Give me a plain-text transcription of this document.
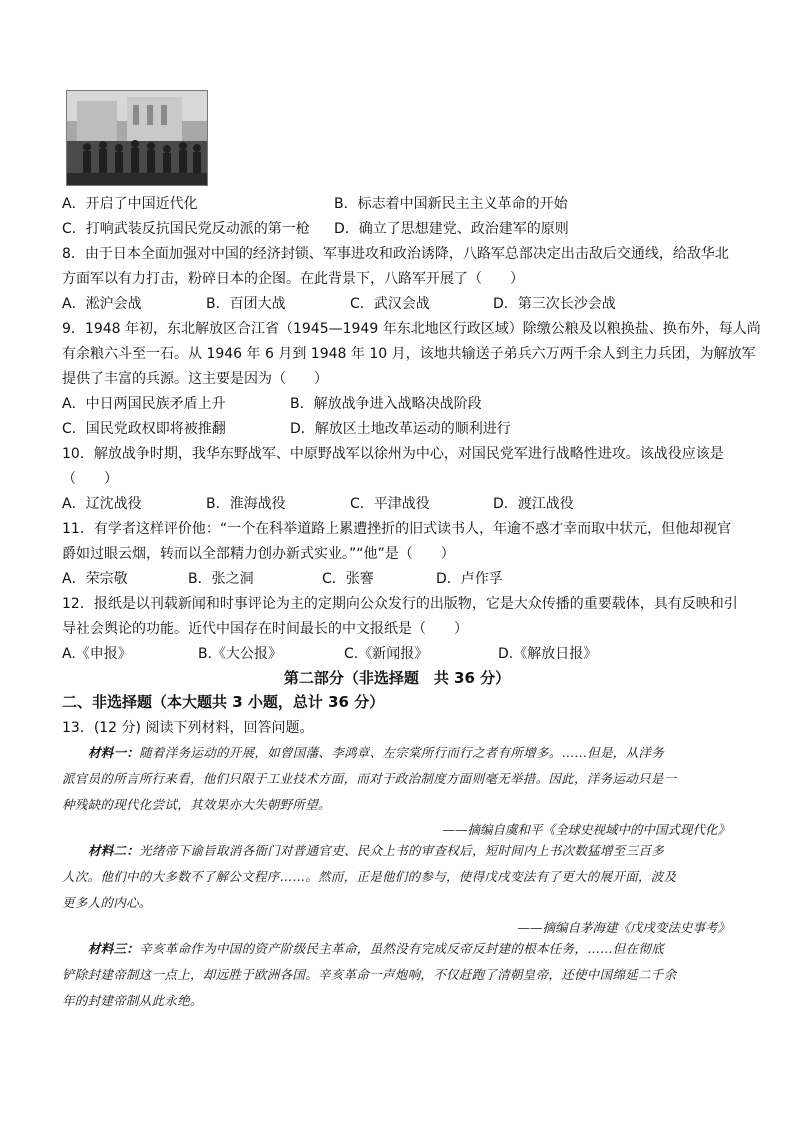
A．开启了中国近代化	B．标志着中国新民主主义革命的开始
C．打响武装反抗国民党反动派的第一枪 D．确立了思想建党、政治建军的原则
8．由于日本全面加强对中国的经济封锁、军事进攻和政治诱降，八路军总部决定出击敌后交通线，给敌华北
方面军以有力打击，粉碎日本的企图。在此背景下，八路军开展了（　　）
A．淞沪会战	B．百团大战	C．武汉会战	D．第三次长沙会战
9．1948 年初，东北解放区合江省（1945—1949 年东北地区行政区域）除缴公粮及以粮换盐、换布外，每人尚
有余粮六斗至一石。从 1946 年 6 月到 1948 年 10 月，该地共输送子弟兵六万两千余人到主力兵团，为解放军
提供了丰富的兵源。这主要是因为（　　）
A．中日两国民族矛盾上升	B．解放战争进入战略决战阶段
C．国民党政权即将被推翻	D．解放区土地改革运动的顺利进行
10．解放战争时期，我华东野战军、中原野战军以徐州为中心，对国民党军进行战略性进攻。该战役应该是
（　　）
A．辽沈战役	B．淮海战役	C．平津战役	D．渡江战役
11．有学者这样评价他：“一个在科举道路上累遭挫折的旧式读书人，年逾不惑才幸而取中状元，但他却视官
爵如过眼云烟，转而以全部精力创办新式实业。”“他”是（　　）
A．荣宗敬	B．张之洞	C．张謇	D．卢作孚
12．报纸是以刊载新闻和时事评论为主的定期向公众发行的出版物，它是大众传播的重要载体，具有反映和引
导社会舆论的功能。近代中国存在时间最长的中文报纸是（　　）
A.《申报》	B.《大公报》	C.《新闻报》	D.《解放日报》
第二部分（非选择题　共 36 分）
二、非选择题（本大题共 3 小题，总计 36 分）
13．(12 分) 阅读下列材料，回答问题。
材料一：随着洋务运动的开展，如曾国藩、李鸿章、左宗棠所行而行之者有所增多。……但是，从洋务
派官员的所言所行来看，他们只限于工业技术方面，而对于政治制度方面则毫无举措。因此，洋务运动只是一
种残缺的现代化尝试，其效果亦大失朝野所望。
——摘编自虞和平《全球史视域中的中国式现代化》
材料二：光绪帝下谕旨取消各衙门对普通官吏、民众上书的审查权后，短时间内上书次数猛增至三百多
人次。他们中的大多数不了解公文程序……。然而，正是他们的参与，使得戊戌变法有了更大的展开面，波及
更多人的内心。
——摘编自茅海建《戊戌变法史事考》
材料三：辛亥革命作为中国的资产阶级民主革命，虽然没有完成反帝反封建的根本任务，……但在彻底
铲除封建帝制这一点上，却远胜于欧洲各国。辛亥革命一声炮响，不仅赶跑了清朝皇帝，还使中国绵延二千余
年的封建帝制从此永绝。
